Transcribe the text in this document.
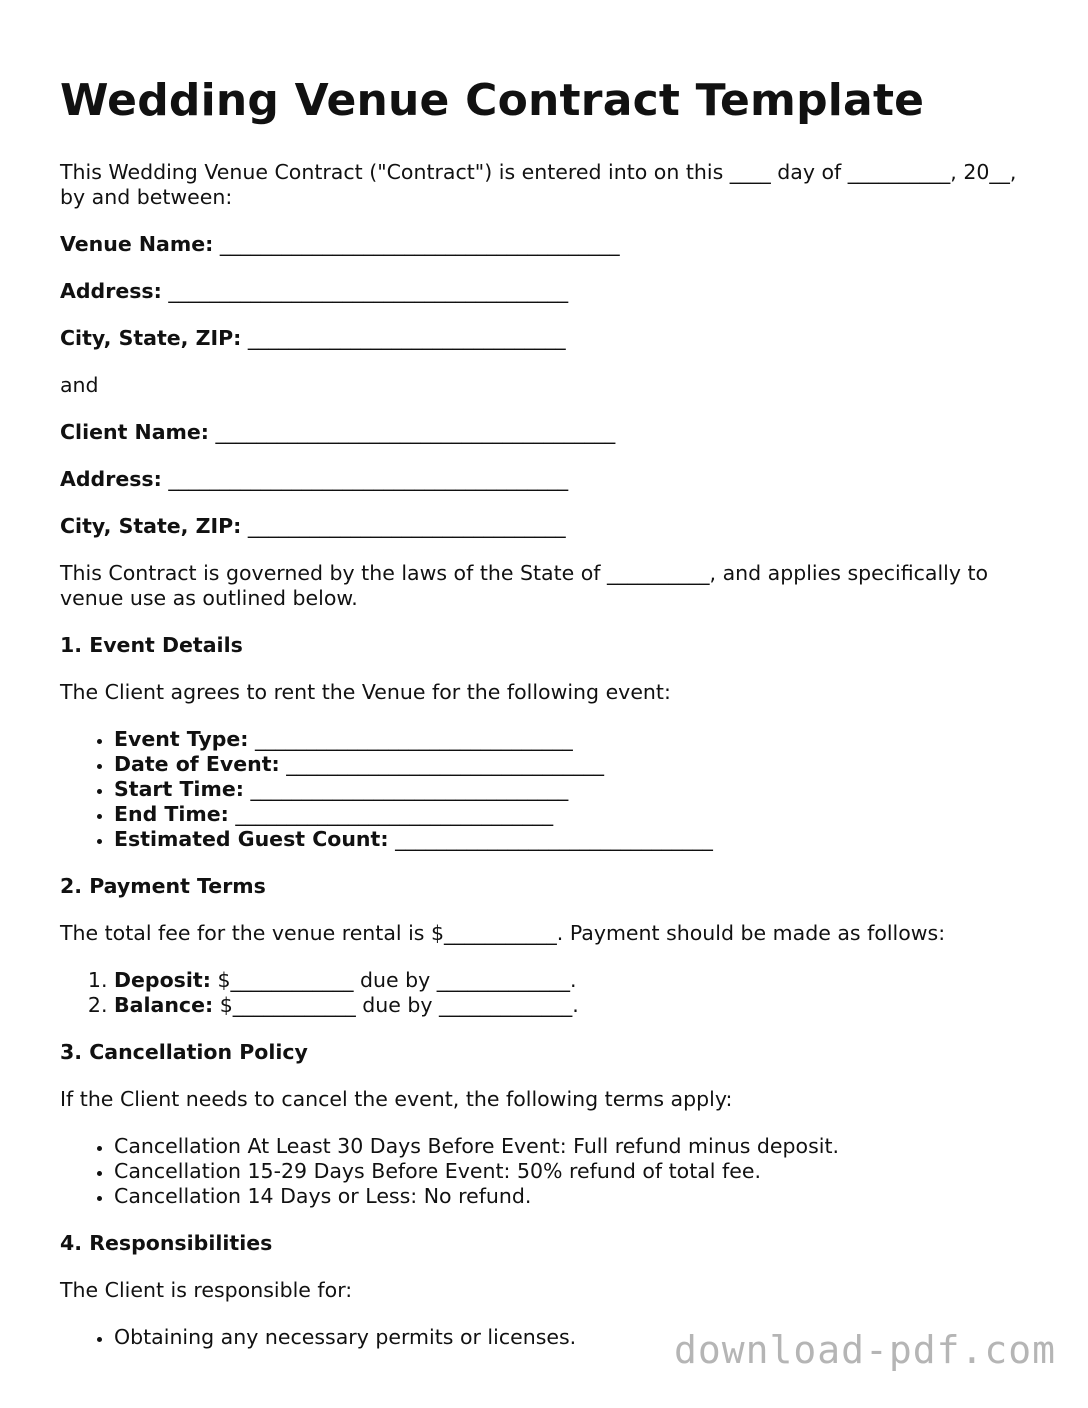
Wedding Venue Contract Template

This Wedding Venue Contract ("Contract") is entered into on this ____ day of __________, 20__, by and between:

Venue Name: _______________________________________
Address: _______________________________________
City, State, ZIP: _______________________________

and

Client Name: _______________________________________
Address: _______________________________________
City, State, ZIP: _______________________________

This Contract is governed by the laws of the State of __________, and applies specifically to venue use as outlined below.

1. Event Details

The Client agrees to rent the Venue for the following event:

• Event Type: _______________________________
• Date of Event: _______________________________
• Start Time: _______________________________
• End Time: _______________________________
• Estimated Guest Count: _______________________________
2. Payment Terms

The total fee for the venue rental is $___________. Payment should be made as follows:

1. Deposit: $____________ due by _____________.
2. Balance: $____________ due by _____________.
3. Cancellation Policy

If the Client needs to cancel the event, the following terms apply:

• Cancellation At Least 30 Days Before Event: Full refund minus deposit.
• Cancellation 15-29 Days Before Event: 50% refund of total fee.
• Cancellation 14 Days or Less: No refund.
4. Responsibilities

The Client is responsible for:

• Obtaining any necessary permits or licenses.	download-pdf.com
